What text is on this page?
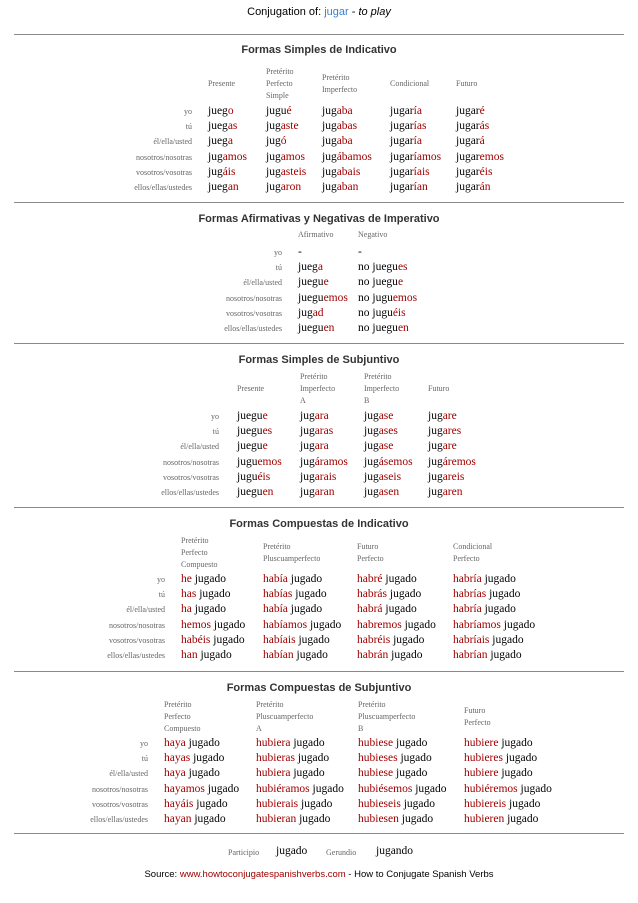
Conjugation of: jugar - to play
Formas Simples de Indicativo
Presente
Pretérito
Perfecto
Simple
Pretérito
Imperfecto
Condicional	Futuro
yo
tú
él/ella/usted
nosotros/nosotras
vosotros/vosotras
ellos/ellas/ustedes
juego
juegas
juega
jugamos
jugáis
juegan
jugué
jugaste
jugó
jugamos
jugasteis
jugaron
jugaba
jugabas
jugaba
jugábamos
jugabais
jugaban
jugaría
jugarías
jugaría
jugaríamos
jugaríais
jugarían
jugaré
jugarás
jugará
jugaremos
jugaréis
jugarán
Formas Afirmativas y Negativas de Imperativo
Afirmativo	Negativo
yo
tú
él/ella/usted
nosotros/nosotras
vosotros/vosotras
ellos/ellas/ustedes
-
juega
juegue
jueguemos
jugad
jueguen
-
no juegues
no juegue
no juguemos
no juguéis
no jueguen
Formas Simples de Subjuntivo
Presente
Pretérito
Imperfecto
A
Pretérito
Imperfecto
B
Futuro
yo
tú
él/ella/usted
nosotros/nosotras
vosotros/vosotras
ellos/ellas/ustedes
juegue
juegues
juegue
juguemos
juguéis
jueguen
jugara
jugaras
jugara
jugáramos
jugarais
jugaran
jugase
jugases
jugase
jugásemos
jugaseis
jugasen
jugare
jugares
jugare
jugáremos
jugareis
jugaren
Formas Compuestas de Indicativo
Pretérito
Perfecto
Compuesto
Pretérito
Pluscuamperfecto
Futuro
Perfecto
Condicional
Perfecto
yo
tú
él/ella/usted
nosotros/nosotras
vosotros/vosotras
ellos/ellas/ustedes
he jugado
has jugado
ha jugado
hemos jugado
habéis jugado
han jugado
había jugado
habías jugado
había jugado
habíamos jugado
habíais jugado
habían jugado
habré jugado
habrás jugado
habrá jugado
habremos jugado
habréis jugado
habrán jugado
habría jugado
habrías jugado
habría jugado
habríamos jugado
habríais jugado
habrían jugado
Formas Compuestas de Subjuntivo
Pretérito
Perfecto
Compuesto
Pretérito
Pluscuamperfecto
A
Pretérito
Pluscuamperfecto
B
Futuro
Perfecto
yo
tú
él/ella/usted
nosotros/nosotras
vosotros/vosotras
ellos/ellas/ustedes
haya jugado
hayas jugado
haya jugado
hayamos jugado
hayáis jugado
hayan jugado
hubiera jugado
hubieras jugado
hubiera jugado
hubiéramos jugado
hubierais jugado
hubieran jugado
hubiese jugado
hubieses jugado
hubiese jugado
hubiésemos jugado
hubieseis jugado
hubiesen jugado
hubiere jugado
hubieres jugado
hubiere jugado
hubiéremos jugado
hubiereis jugado
hubieren jugado
Participio jugado Gerundio jugando
Source: www.howtoconjugatespanishverbs.com - How to Conjugate Spanish Verbs
